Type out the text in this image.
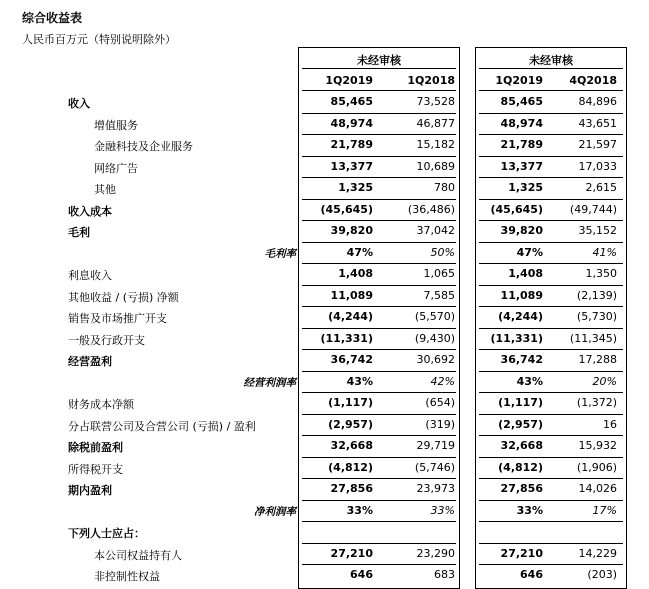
综合收益表
人民币百万元（特别说明除外）
未经审核
1Q2019	1Q2018
未经审核
1Q2019	4Q2018
收入	85,465	73,528	85,465	84,896
增值服务	48,974	46,877	48,974	43,651
金融科技及企业服务	21,789	15,182	21,789	21,597
网络广告	13,377	10,689	13,377	17,033
其他	1,325	780	1,325	2,615
收入成本	(45,645)	(36,486)	(45,645)	(49,744)
毛利	39,820	37,042	39,820	35,152
毛利率	47%	50%	47%	41%
利息收入	1,408	1,065	1,408	1,350
其他收益 / (亏损) 净额	11,089	7,585	11,089	(2,139)
销售及市场推广开支	(4,244)	(5,570)	(4,244)	(5,730)
一般及行政开支	(11,331)	(9,430)	(11,331)	(11,345)
经营盈利	36,742	30,692	36,742	17,288
经营利润率	43%	42%	43%	20%
财务成本净额	(1,117)	(654)	(1,117)	(1,372)
分占联营公司及合营公司 (亏损) / 盈利	(2,957)	(319)	(2,957)	16
除税前盈利	32,668	29,719	32,668	15,932
所得税开支	(4,812)	(5,746)	(4,812)	(1,906)
期内盈利	27,856	23,973	27,856	14,026
净利润率	33%	33%	33%	17%
下列人士应占：
本公司权益持有人	27,210	23,290	27,210	14,229
非控制性权益	646	683	646	(203)
